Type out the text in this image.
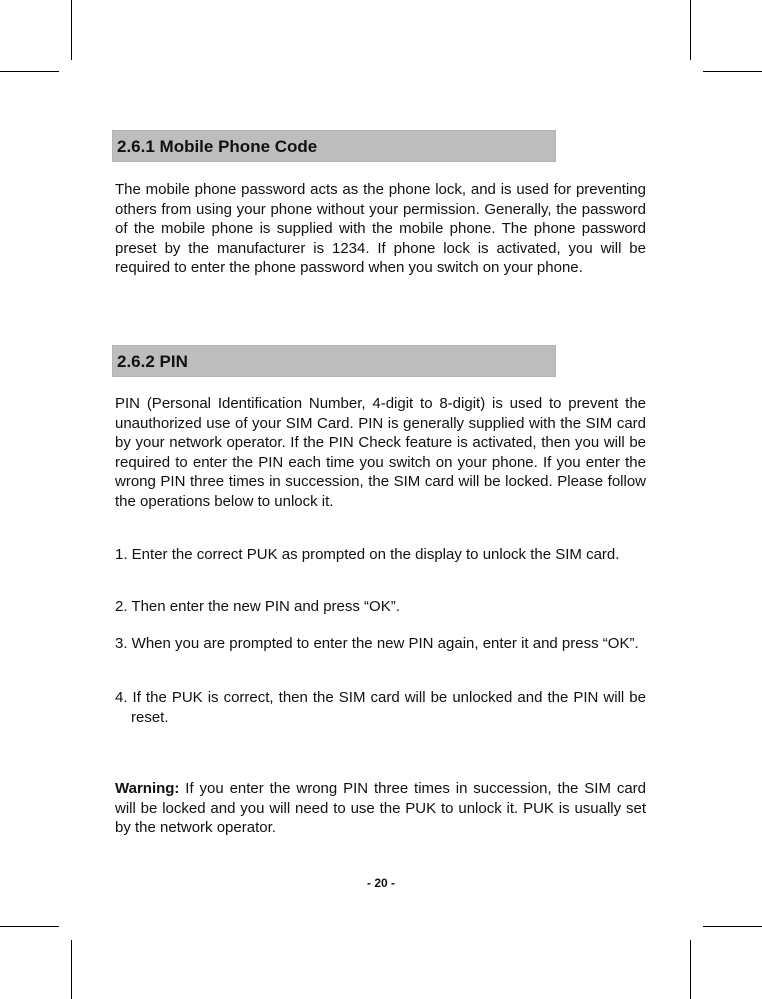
2.6.1 Mobile Phone Code

The mobile phone password acts as the phone lock, and is used for preventing others from using your phone without your permission. Generally, the password of the mobile phone is supplied with the mobile phone. The phone password preset by the manufacturer is 1234. If phone lock is activated, you will be required to enter the phone password when you switch on your phone.

2.6.2 PIN

PIN (Personal Identification Number, 4-digit to 8-digit) is used to prevent the unauthorized use of your SIM Card. PIN is generally supplied with the SIM card by your network operator. If the PIN Check feature is activated, then you will be required to enter the PIN each time you switch on your phone. If you enter the wrong PIN three times in succession, the SIM card will be locked. Please follow the operations below to unlock it.

1. Enter the correct PUK as prompted on the display to unlock the SIM card.

2. Then enter the new PIN and press “OK”.

3. When you are prompted to enter the new PIN again, enter it and press “OK”.

4. If the PUK is correct, then the SIM card will be unlocked and the PIN will be reset.

Warning: If you enter the wrong PIN three times in succession, the SIM card will be locked and you will need to use the PUK to unlock it. PUK is usually set by the network operator.

- 20 -
